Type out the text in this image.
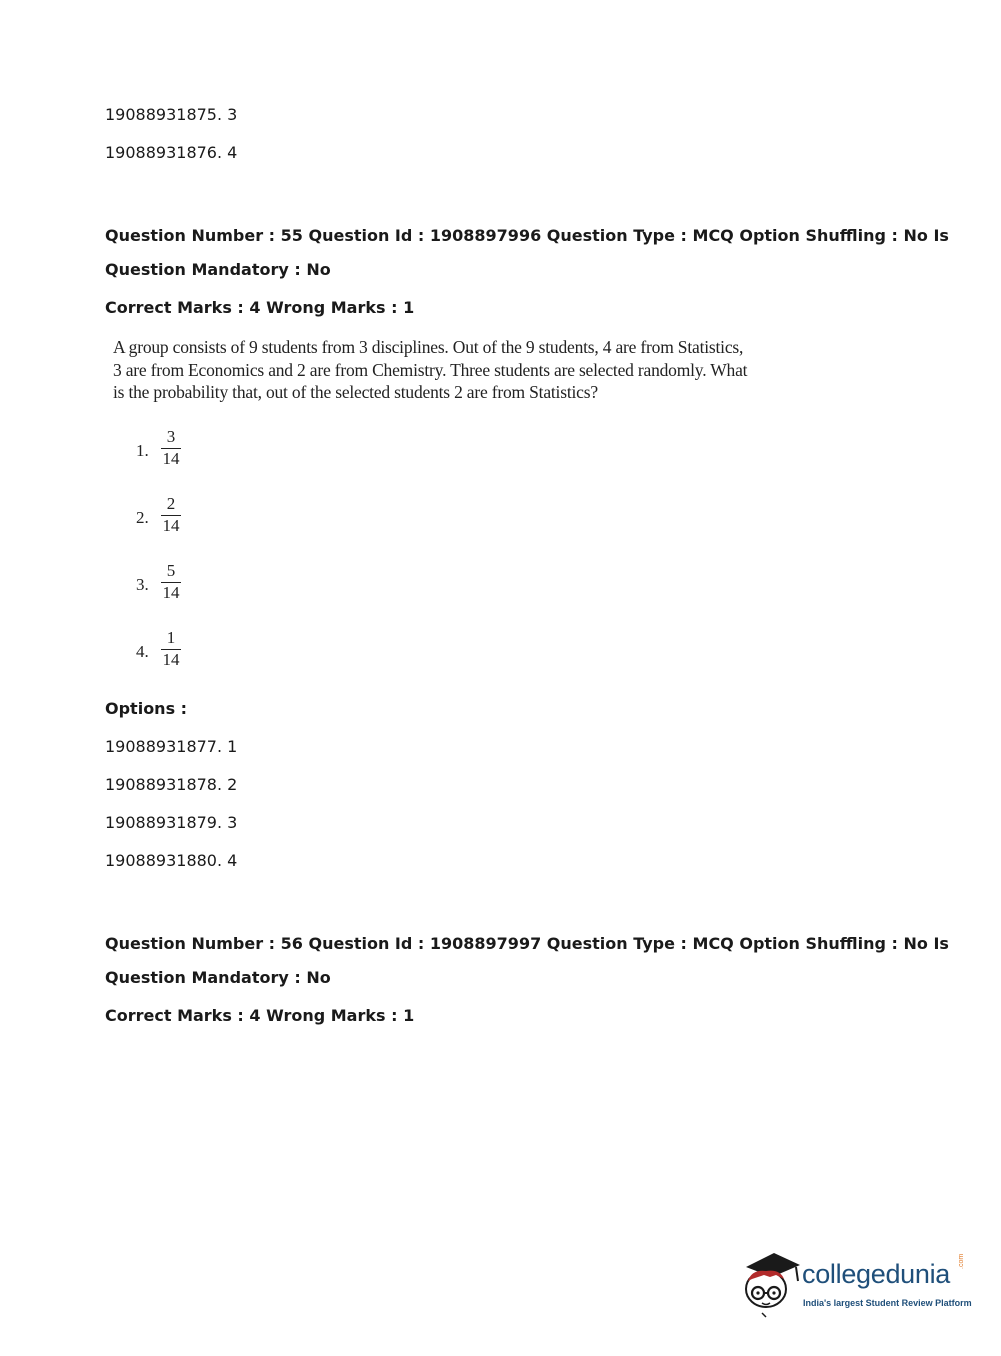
19088931875. 3
19088931876. 4
Question Number : 55 Question Id : 1908897996 Question Type : MCQ Option Shuffling : No Is
Question Mandatory : No
Correct Marks : 4 Wrong Marks : 1
A group consists of 9 students from 3 disciplines. Out of the 9 students, 4 are from Statistics,
3 are from Economics and 2 are from Chemistry. Three students are selected randomly. What
is the probability that, out of the selected students 2 are from Statistics?
1.
3
14
2.
2
14
3.
5
14
4.
1
14
Options :
19088931877. 1
19088931878. 2
19088931879. 3
19088931880. 4
Question Number : 56 Question Id : 1908897997 Question Type : MCQ Option Shuffling : No Is
Question Mandatory : No
Correct Marks : 4 Wrong Marks : 1
collegedunia .com
India's largest Student Review Platform
